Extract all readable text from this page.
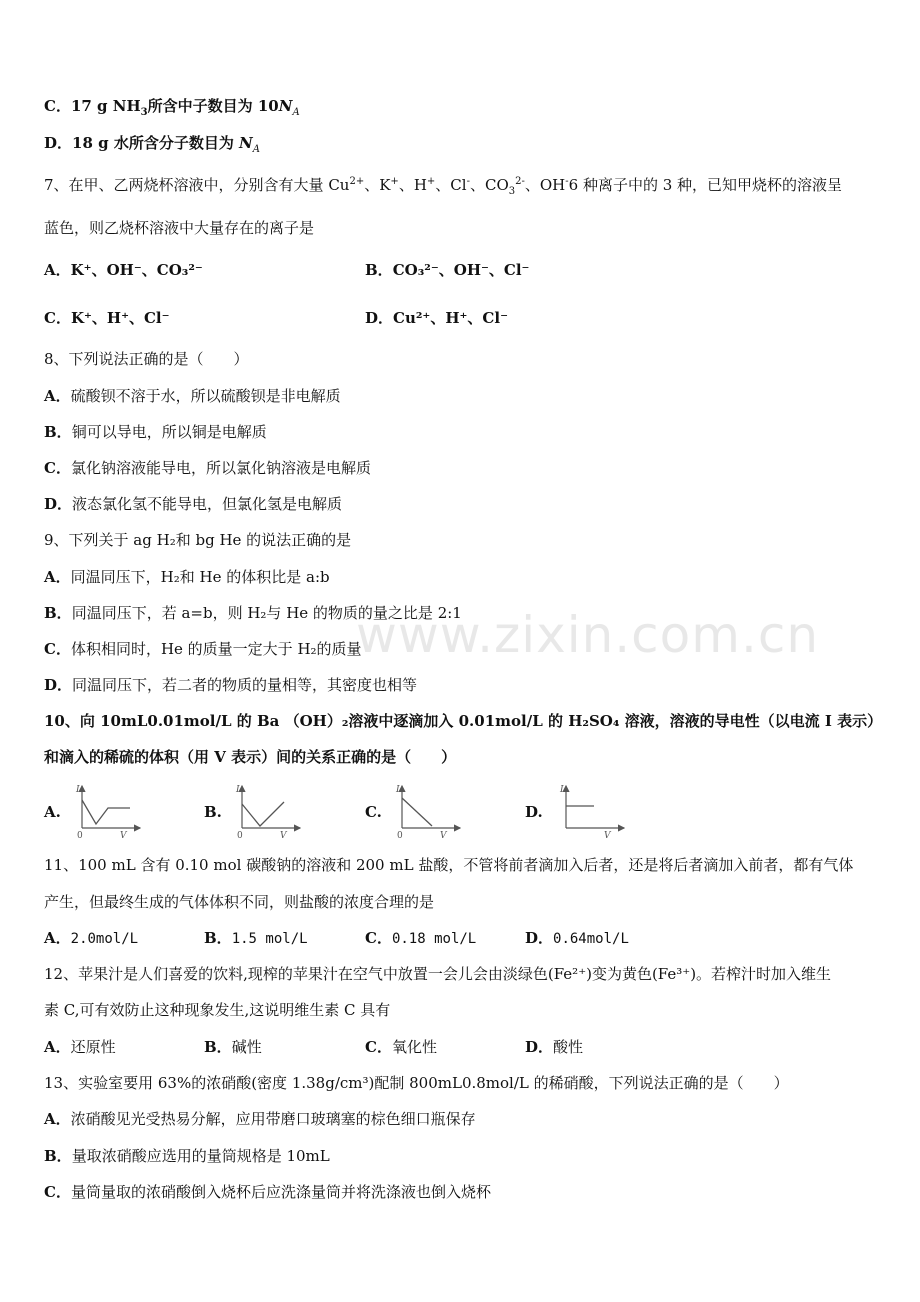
www.zixin.com.cn
C．17 g $NH_3$所含中子数目为 $10N_A$
D．18 g 水所含分子数目为 $N_A$
7、在甲、乙两烧杯溶液中，分别含有大量 $Cu^{2+}$、K+、H+、Cl-、$CO_3^{2-}$、OH-6 种离子中的 3 种，已知甲烧杯的溶液呈
蓝色，则乙烧杯溶液中大量存在的离子是
A．K⁺、OH⁻、CO₃²⁻	B．CO₃²⁻、OH⁻、Cl⁻
C．K⁺、H⁺、Cl⁻	D．Cu²⁺、H⁺、Cl⁻
8、下列说法正确的是（　　）
A．硫酸钡不溶于水，所以硫酸钡是非电解质
B．铜可以导电，所以铜是电解质
C．氯化钠溶液能导电，所以氯化钠溶液是电解质
D．液态氯化氢不能导电，但氯化氢是电解质
9、下列关于 ag H₂和 bg He 的说法正确的是
A．同温同压下，H₂和 He 的体积比是 a:b
B．同温同压下，若 a=b，则 H₂与 He 的物质的量之比是 2:1
C．体积相同时，He 的质量一定大于 H₂的质量
D．同温同压下，若二者的物质的量相等，其密度也相等
10、向 10mL0.01mol/L 的 Ba （OH）₂溶液中逐滴加入 0.01mol/L 的 H₂SO₄ 溶液，溶液的导电性（以电流 I 表示）
和滴入的稀硫的体积（用 V 表示）间的关系正确的是（　　）
A.	B.	C.	D.
I
0	V
I
0	V
I
0	V
I
V
11、100 mL 含有 0.10 mol 碳酸钠的溶液和 200 mL 盐酸，不管将前者滴加入后者，还是将后者滴加入前者，都有气体
产生，但最终生成的气体体积不同，则盐酸的浓度合理的是
A．2.0mol/L	B．1.5 mol/L	C．0.18 mol/L	D．0.64mol/L
12、苹果汁是人们喜爱的饮料,现榨的苹果汁在空气中放置一会儿会由淡绿色(Fe²⁺)变为黄色(Fe³⁺)。若榨汁时加入维生
素 C,可有效防止这种现象发生,这说明维生素 C 具有
A．还原性	B．碱性	C．氧化性	D．酸性
13、实验室要用 63%的浓硝酸(密度 1.38g/cm³)配制 800mL0.8mol/L 的稀硝酸，下列说法正确的是（　　）
A．浓硝酸见光受热易分解，应用带磨口玻璃塞的棕色细口瓶保存
B．量取浓硝酸应选用的量筒规格是 10mL
C．量筒量取的浓硝酸倒入烧杯后应洗涤量筒并将洗涤液也倒入烧杯
